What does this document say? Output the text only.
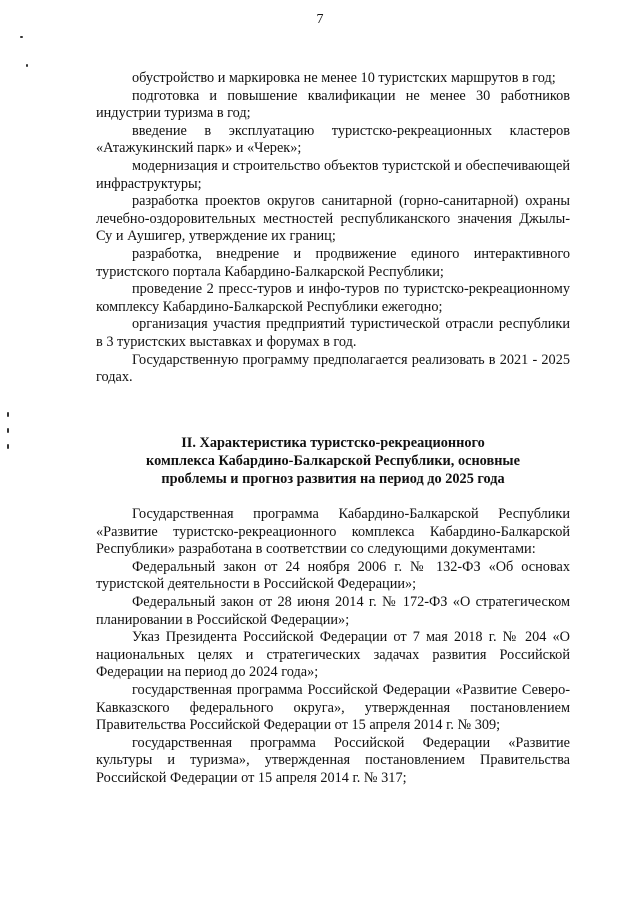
7

обустройство и маркировка не менее 10 туристских маршрутов в год;

подготовка и повышение квалификации не менее 30 работников индустрии туризма в год;

введение в эксплуатацию туристско-рекреационных кластеров «Атажукинский парк» и «Черек»;

модернизация и строительство объектов туристской и обеспечивающей инфраструктуры;

разработка проектов округов санитарной (горно-санитарной) охраны лечебно-оздоровительных местностей республиканского значения Джылы-Су и Аушигер, утверждение их границ;

разработка, внедрение и продвижение единого интерактивного туристского портала Кабардино-Балкарской Республики;

проведение 2 пресс-туров и инфо-туров по туристско-рекреационному комплексу Кабардино-Балкарской Республики ежегодно;

организация участия предприятий туристической отрасли республики в 3 туристских выставках и форумах в год.

Государственную программу предполагается реализовать в 2021 - 2025 годах.

II. Характеристика туристско-рекреационного
комплекса Кабардино-Балкарской Республики, основные
проблемы и прогноз развития на период до 2025 года

Государственная программа Кабардино-Балкарской Республики «Развитие туристско-рекреационного комплекса Кабардино-Балкарской Республики» разработана в соответствии со следующими документами:

Федеральный закон от 24 ноября 2006 г. № 132-ФЗ «Об основах туристской деятельности в Российской Федерации»;

Федеральный закон от 28 июня 2014 г. № 172-ФЗ «О стратегическом планировании в Российской Федерации»;

Указ Президента Российской Федерации от 7 мая 2018 г. № 204 «О национальных целях и стратегических задачах развития Российской Федерации на период до 2024 года»;

государственная программа Российской Федерации «Развитие Северо-Кавказского федерального округа», утвержденная постановлением Правительства Российской Федерации от 15 апреля 2014 г. № 309;

государственная программа Российской Федерации «Развитие культуры и туризма», утвержденная постановлением Правительства Российской Федерации от 15 апреля 2014 г. № 317;
